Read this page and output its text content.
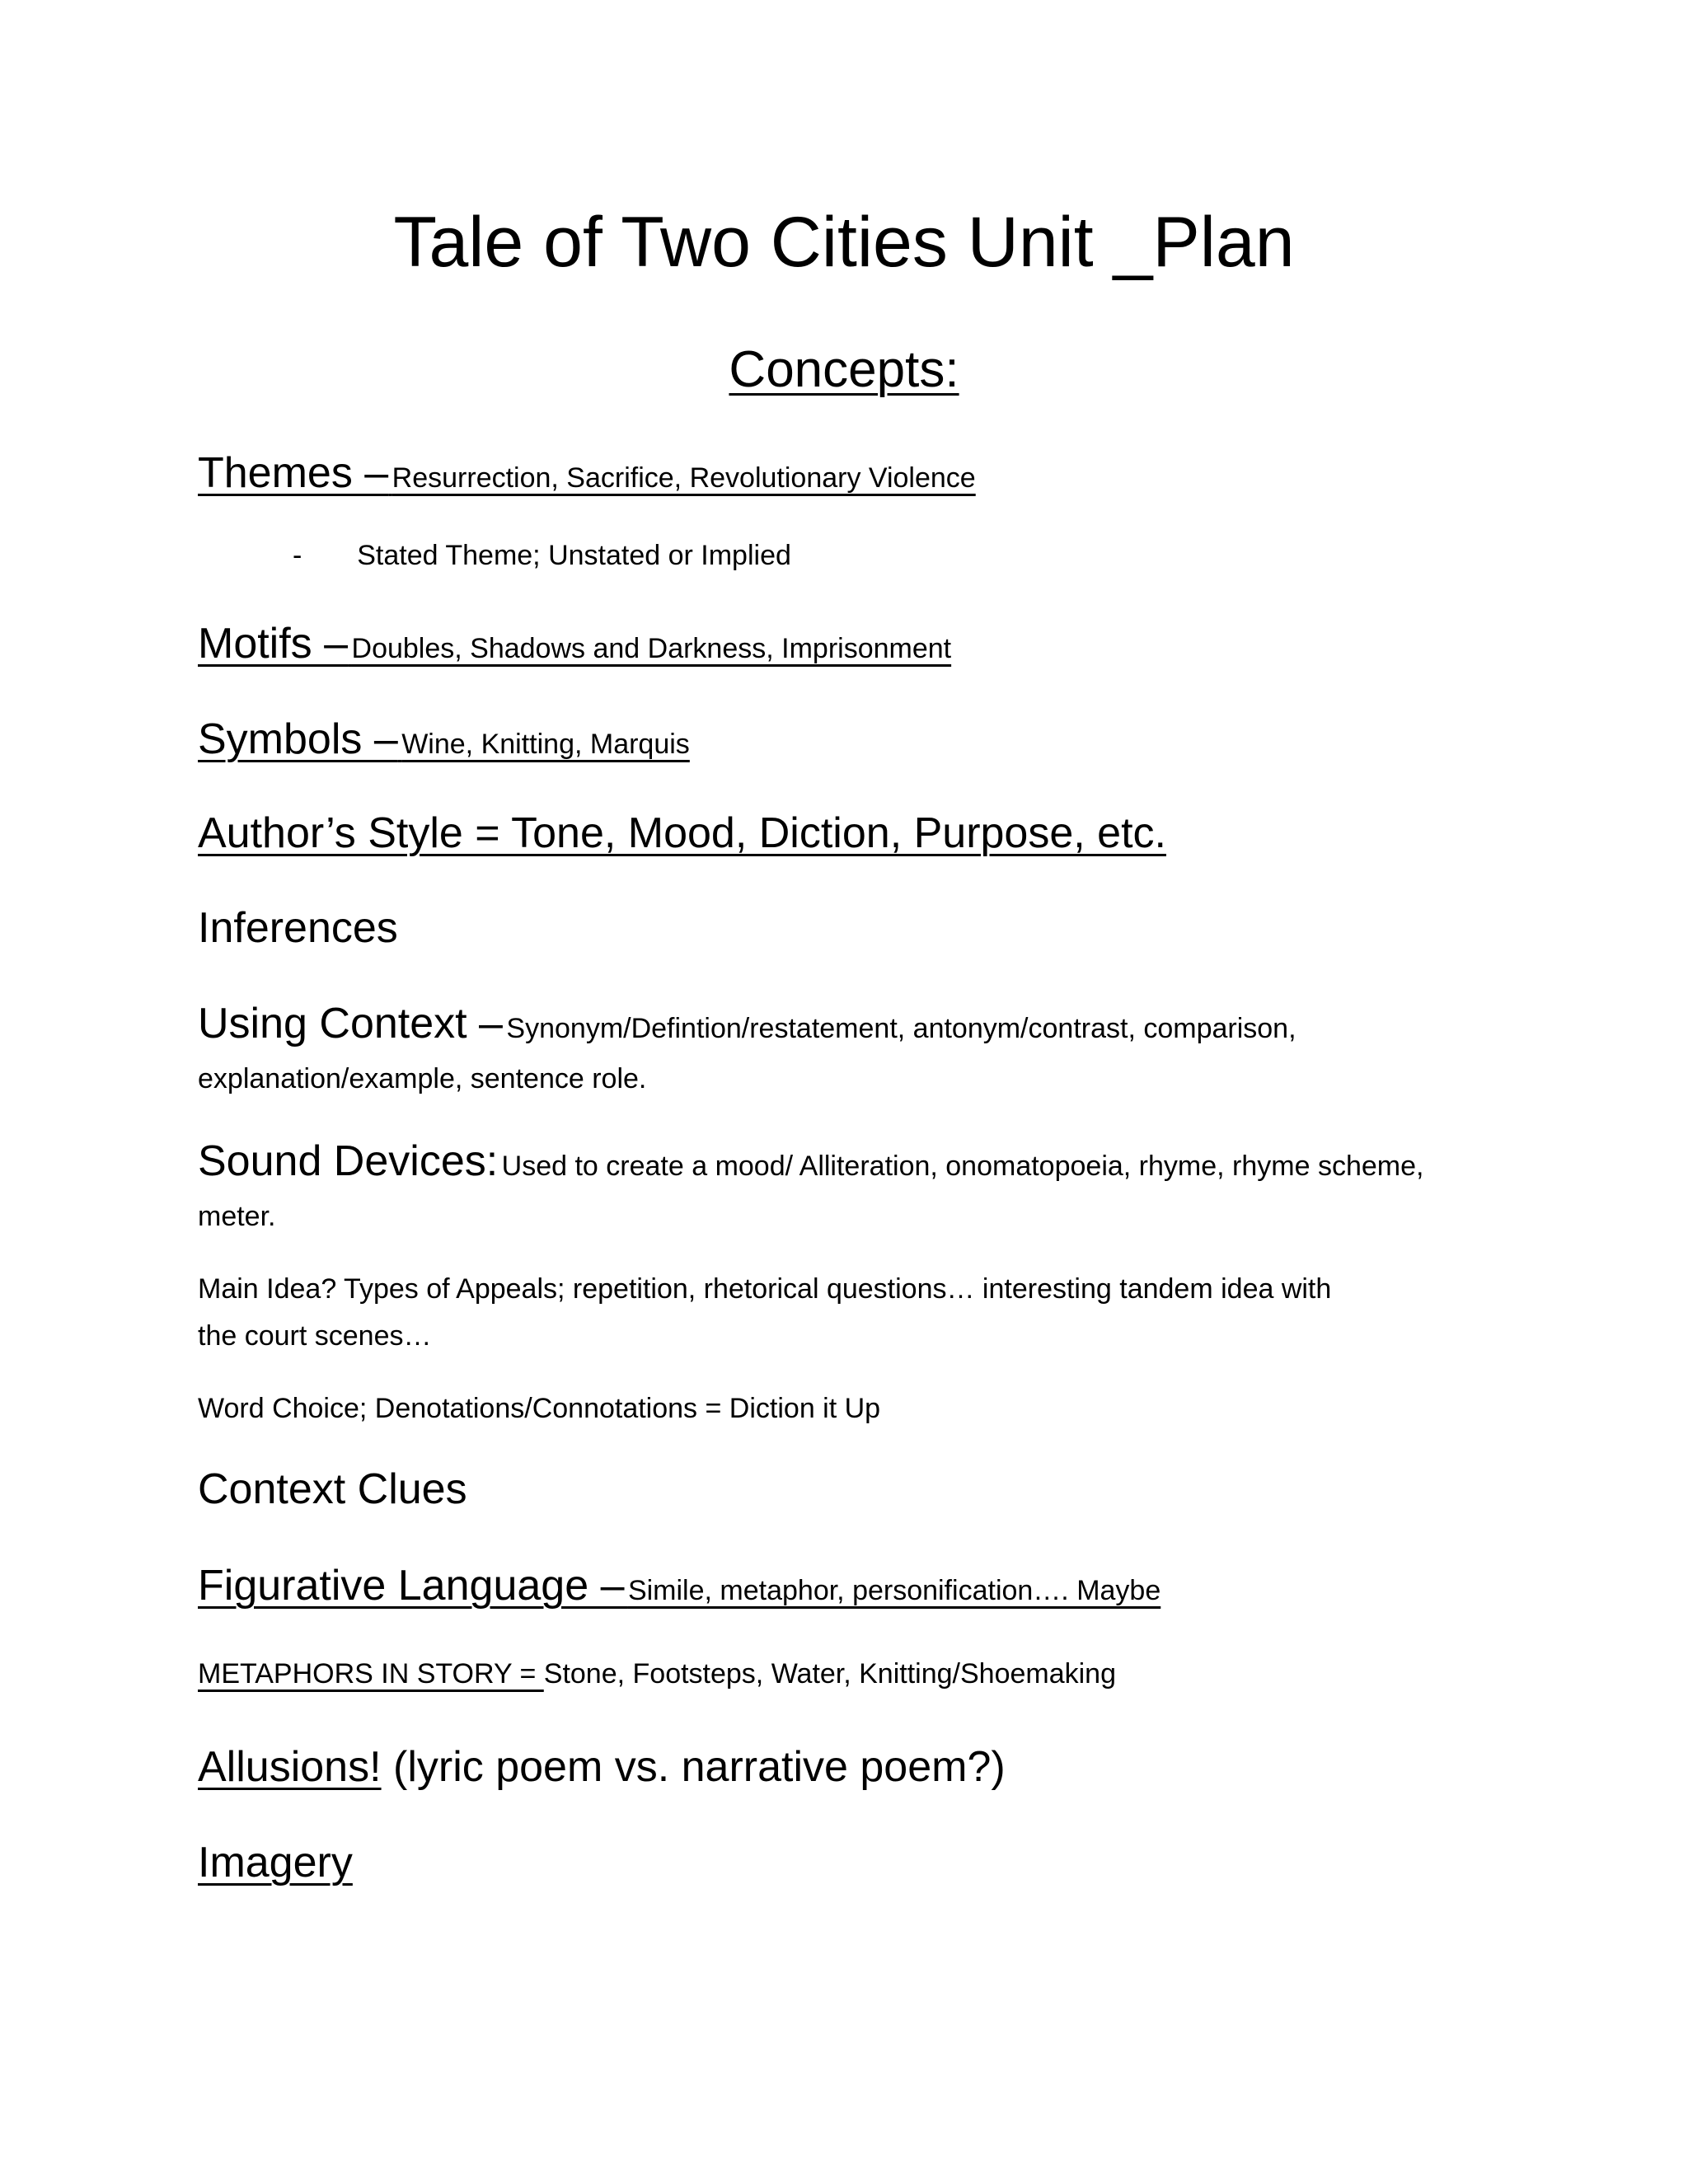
Tale of Two Cities Unit _Plan
Concepts:
Themes – Resurrection, Sacrifice, Revolutionary Violence
- Stated Theme; Unstated or Implied
Motifs – Doubles, Shadows and Darkness, Imprisonment
Symbols – Wine, Knitting, Marquis
Author’s Style = Tone, Mood, Diction, Purpose, etc.
Inferences
Using Context – Synonym/Defintion/restatement, antonym/contrast, comparison,
explanation/example, sentence role.
Sound Devices: Used to create a mood/ Alliteration, onomatopoeia, rhyme, rhyme scheme,
meter.
Main Idea? Types of Appeals; repetition, rhetorical questions… interesting tandem idea with
the court scenes…
Word Choice; Denotations/Connotations = Diction it Up
Context Clues
Figurative Language – Simile, metaphor, personification…. Maybe
METAPHORS IN STORY = Stone, Footsteps, Water, Knitting/Shoemaking
Allusions! (lyric poem vs. narrative poem?)
Imagery
